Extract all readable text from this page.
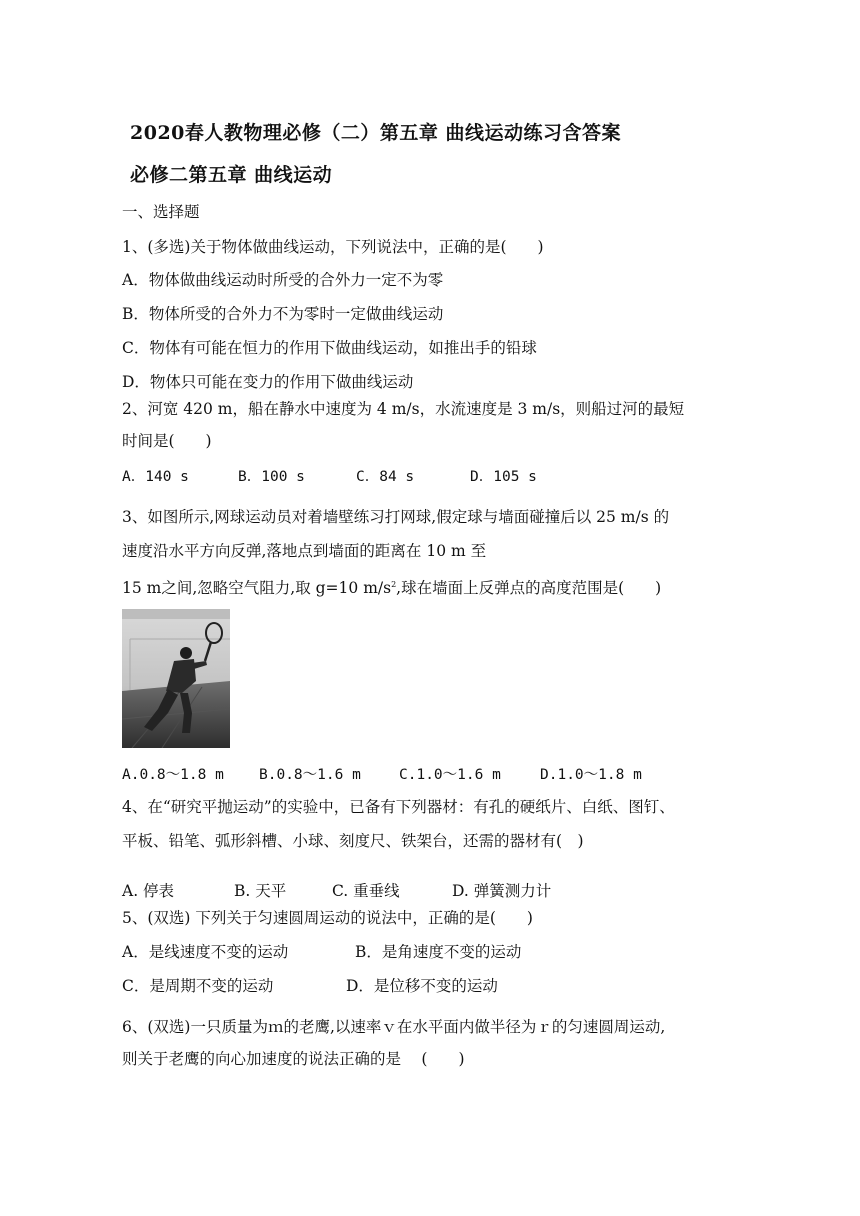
2020春人教物理必修（二）第五章 曲线运动练习含答案
必修二第五章 曲线运动
一、选择题
1、(多选)关于物体做曲线运动，下列说法中，正确的是(　　)
A．物体做曲线运动时所受的合外力一定不为零
B．物体所受的合外力不为零时一定做曲线运动
C．物体有可能在恒力的作用下做曲线运动，如推出手的铅球
D．物体只可能在变力的作用下做曲线运动
2、河宽 420 m，船在静水中速度为 4 m/s，水流速度是 3 m/s，则船过河的最短
时间是(　　)
A．140 s	B．100 s	C．84 s	D．105 s
3、如图所示,网球运动员对着墙壁练习打网球,假定球与墙面碰撞后以 25 m/s 的
速度沿水平方向反弹,落地点到墙面的距离在 10 m 至
15 m之间,忽略空气阻力,取 g=10 $m/s^2$,球在墙面上反弹点的高度范围是(　　)
A.0.8～1.8 m B.0.8～1.6 m	C.1.0～1.6 m	D.1.0～1.8 m
4、在“研究平抛运动”的实验中，已备有下列器材：有孔的硬纸片、白纸、图钉、
平板、铅笔、弧形斜槽、小球、刻度尺、铁架台，还需的器材有(　)
A. 停表	B. 天平	C. 重垂线	D. 弹簧测力计
5、(双选) 下列关于匀速圆周运动的说法中，正确的是(　　)
A．是线速度不变的运动	B．是角速度不变的运动
C．是周期不变的运动	D．是位移不变的运动
6、(双选)一只质量为ｍ的老鹰,以速率ｖ在水平面内做半径为ｒ的匀速圆周运动,
则关于老鹰的向心加速度的说法正确的是　 (　　)
